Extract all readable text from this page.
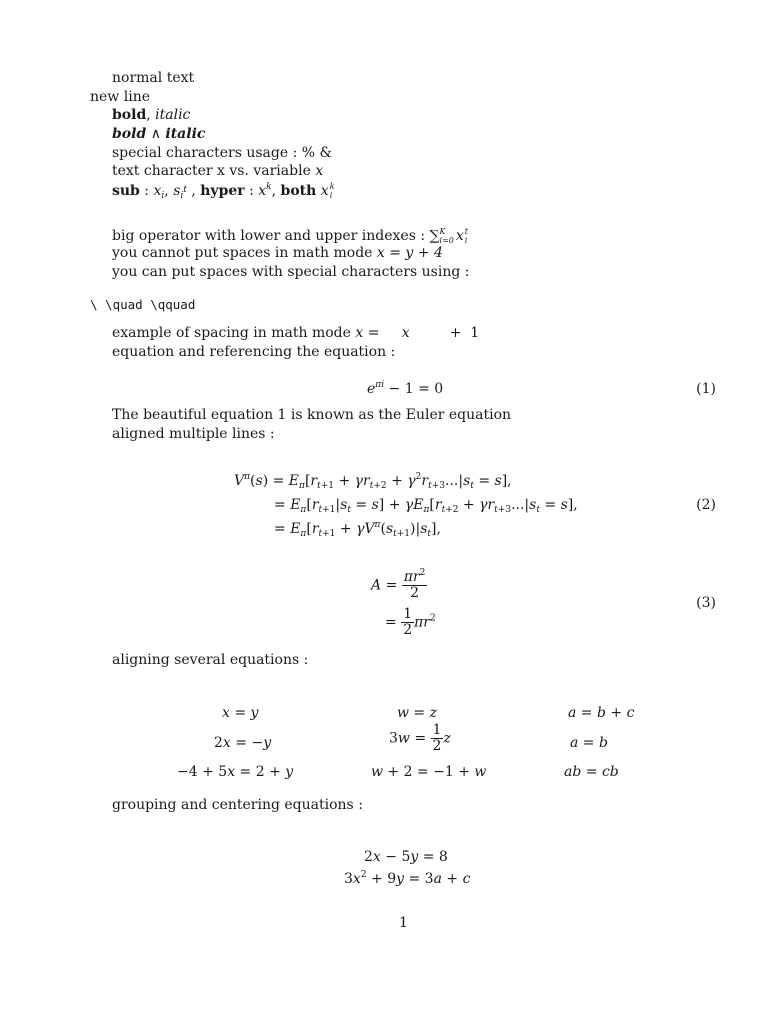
normal text
new line
bold, italic
bold ∧ italic
special characters usage : % &
text character x vs. variable x
sub : $x_i$, $s_i^t$ , hyper : $x^k$, both x k
i
big operator with lower and upper indexes : ∑ K
i=0 x t
i
you cannot put spaces in math mode x = y + 4
you can put spaces with special characters using :
\ \quad \qquad
example of spacing in math mode x =     x         +  1
equation and referencing the equation :
$e^{\pi i} - 1 = 0$	(1)
The beautiful equation 1 is known as the Euler equation
aligned multiple lines :
$V^\pi(s) = E_\pi[r_{t+1} + \gamma r_{t+2} + \gamma^2r_{t+3}...|s_t = s]$,
= $E_\pi[r_{t+1}|s_t = s] + \gamma E_\pi[r_{t+2} + \gamma r_{t+3}...|s_t = s]$,
= $E_\pi[r_{t+1} + \gamma V^\pi(s_{t+1})|s_t]$,
(2)
$A = \frac{\pi r^2}{2}$
= $\frac{1}{2} \pi r^2$
(3)
aligning several equations :
x = y	w = z	a = b + c
2x = −y	$3w = \frac{1}{2}$ z	a = b
−4 + 5x = 2 + y	w + 2 = −1 + w	ab = cb
grouping and centering equations :
2x − 5y = 8
$3x^2 + 9y = 3a + c$
1
